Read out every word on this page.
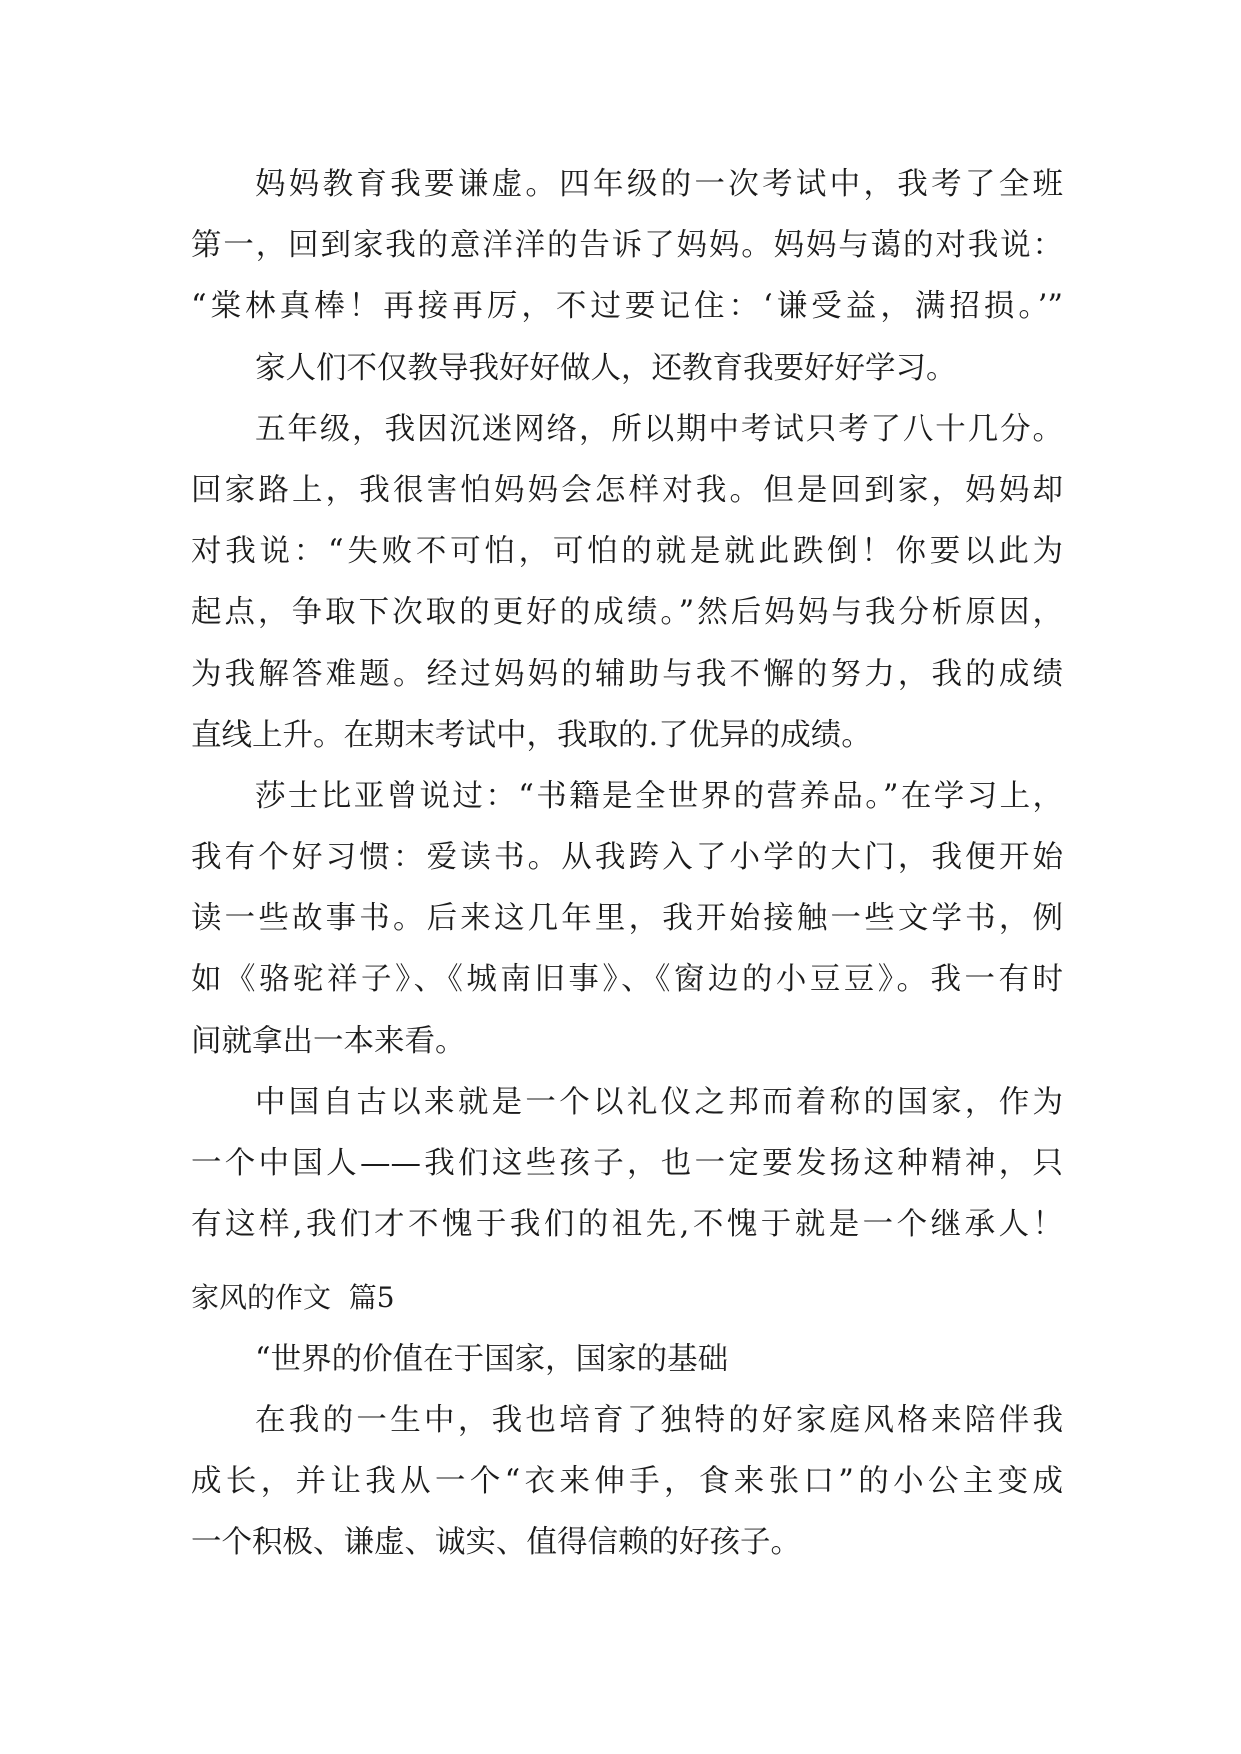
妈妈教育我要谦虚。四年级的一次考试中，我考了全班
第一，回到家我的意洋洋的告诉了妈妈。妈妈与蔼的对我说：
“棠林真棒！再接再厉，不过要记住：‘谦受益，满招损。’”
家人们不仅教导我好好做人，还教育我要好好学习。
五年级，我因沉迷网络，所以期中考试只考了八十几分。
回家路上，我很害怕妈妈会怎样对我。但是回到家，妈妈却
对我说：“失败不可怕，可怕的就是就此跌倒！你要以此为
起点，争取下次取的更好的成绩。”然后妈妈与我分析原因，
为我解答难题。经过妈妈的辅助与我不懈的努力，我的成绩
直线上升。在期末考试中，我取的.了优异的成绩。
莎士比亚曾说过：“书籍是全世界的营养品。”在学习上，
我有个好习惯：爱读书。从我跨入了小学的大门，我便开始
读一些故事书。后来这几年里，我开始接触一些文学书，例
如《骆驼祥子》、《城南旧事》、《窗边的小豆豆》。我一有时
间就拿出一本来看。
中国自古以来就是一个以礼仪之邦而着称的国家，作为
一个中国人——我们这些孩子，也一定要发扬这种精神，只
有这样,我们才不愧于我们的祖先,不愧于就是一个继承人！
家风的作文  篇5
“世界的价值在于国家，国家的基础
在我的一生中，我也培育了独特的好家庭风格来陪伴我
成长，并让我从一个“衣来伸手，食来张口”的小公主变成
一个积极、谦虚、诚实、值得信赖的好孩子。
